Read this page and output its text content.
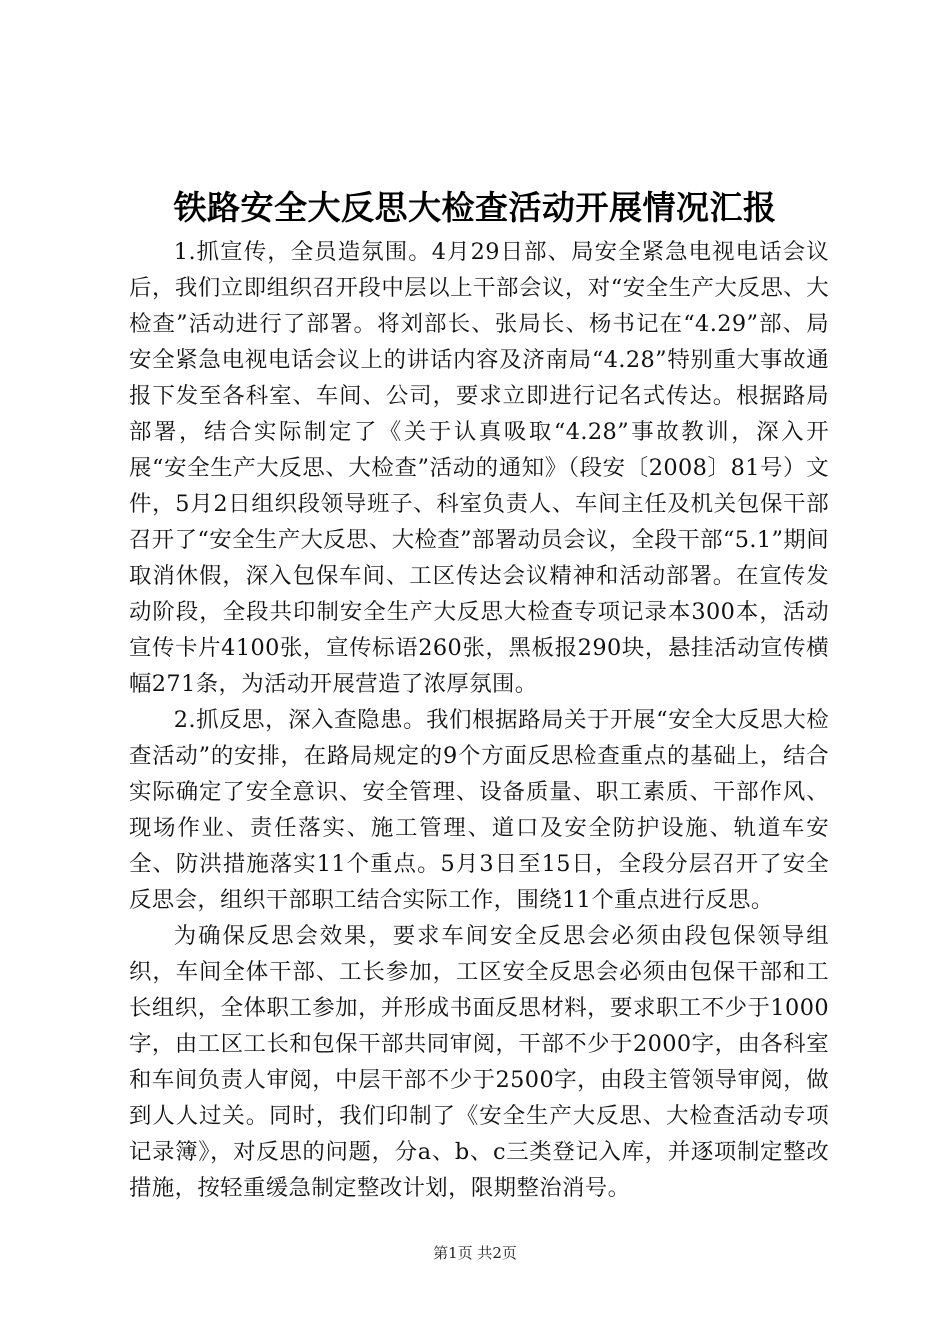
铁路安全大反思大检查活动开展情况汇报

1.抓宣传，全员造氛围。4月29日部、局安全紧急电视电话会议后，我们立即组织召开段中层以上干部会议，对“安全生产大反思、大检查”活动进行了部署。将刘部长、张局长、杨书记在“4.29”部、局安全紧急电视电话会议上的讲话内容及济南局“4.28”特别重大事故通报下发至各科室、车间、公司，要求立即进行记名式传达。根据路局部署，结合实际制定了《关于认真吸取“4.28”事故教训，深入开展“安全生产大反思、大检查”活动的通知》（段安〔2008〕81号）文件，5月2日组织段领导班子、科室负责人、车间主任及机关包保干部召开了“安全生产大反思、大检查”部署动员会议，全段干部“5.1”期间取消休假，深入包保车间、工区传达会议精神和活动部署。在宣传发动阶段，全段共印制安全生产大反思大检查专项记录本300本，活动宣传卡片4100张，宣传标语260张，黑板报290块，悬挂活动宣传横幅271条，为活动开展营造了浓厚氛围。

2.抓反思，深入查隐患。我们根据路局关于开展“安全大反思大检查活动”的安排，在路局规定的9个方面反思检查重点的基础上，结合实际确定了安全意识、安全管理、设备质量、职工素质、干部作风、现场作业、责任落实、施工管理、道口及安全防护设施、轨道车安全、防洪措施落实11个重点。5月3日至15日，全段分层召开了安全反思会，组织干部职工结合实际工作，围绕11个重点进行反思。

为确保反思会效果，要求车间安全反思会必须由段包保领导组织，车间全体干部、工长参加，工区安全反思会必须由包保干部和工长组织，全体职工参加，并形成书面反思材料，要求职工不少于1000字，由工区工长和包保干部共同审阅，干部不少于2000字，由各科室和车间负责人审阅，中层干部不少于2500字，由段主管领导审阅，做到人人过关。同时，我们印制了《安全生产大反思、大检查活动专项记录簿》，对反思的问题，分a、b、c三类登记入库，并逐项制定整改措施，按轻重缓急制定整改计划，限期整治消号。

第1页 共2页
